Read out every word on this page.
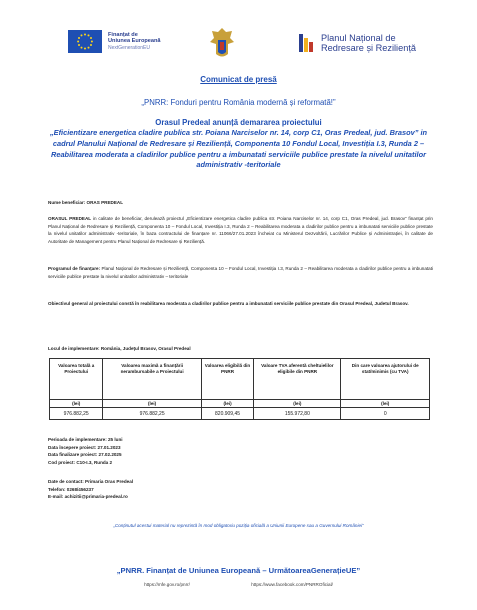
Finanțat de
Uniunea Europeană
NextGenerationEU
Planul Național de
Redresare și Reziliență
Comunicat de presă
„PNRR: Fonduri pentru România modernă și reformată!”
Orasul Predeal anunță demararea proiectului
„Eficientizare energetica cladire publica str. Poiana Narciselor nr. 14, corp C1, Oras Predeal, jud. Brasov” in cadrul Planului Național de Redresare și Reziliență, Componenta 10 Fondul Local, Investiția I.3, Runda 2 – Reabilitarea moderata a cladirilor publice pentru a imbunatati serviciile publice prestate la nivelul unitatilor administrativ -teritoriale
Nume beneficiar: ORAS PREDEAL
ORASUL PREDEAL in calitate de beneficiar, derulează proiectul „Eficientizare energetica cladire publica str. Poiana Narciselor nr. 14, corp C1, Oras Predeal, jud. Brasov” finanțat prin Planul Național de Redresare și Reziliență, Componenta 10 – Fondul Local, Investiția I.3, Runda 2 – Reabilitarea moderata a cladirilor publice pentru a imbunatati serviciile publice prestate la nivelul unitatilor administrativ -teritoriale, în baza contractului de finanțare nr. 11066/27.01.2023 încheiat cu Ministerul Dezvoltării, Lucrărilor Publice și Administrației, în calitate de Autoritate de Management pentru Planul Național de Redresare și Reziliență.
Programul de finanțare: Planul Național de Redresare și Reziliență, Componenta 10 – Fondul Local, Investiția I.3, Runda 2 – Reabilitarea moderata a cladirilor publice pentru a imbunatati serviciile publice prestate la nivelul unitatilor administrativ – teritoriale
Obiectivul general al proiectului constă în reabilitarea moderata a cladirilor publice pentru a imbunatati serviciile publice prestate din Orasul Predeal, Judetul Brasov.
Locul de implementare: România, Judeţul Brasov, Orasul Predeal
Valoarea totală a Proiectului	Valoarea maximă a finanțării nerambursabile a Proiectului	Valoarea eligibilă din PNRR	Valoare TVA aferentă cheltuielilor eligibile din PNRR	Din care valoarea ajutorului de stat/minimis (cu TVA)
(lei)	(lei)	(lei)	(lei)	(lei)
976.882,25	976.882,25	820.909,45	155.972,80	0
Perioada de implementare: 25 luni
Data începere proiect: 27.01.2023
Data finalizare proiect: 27.02.2025
Cod proiect: C10-I.3, Runda 2
Date de contact: Primaria Oras Predeal
Telefon: 0268/456237
E-mail: achizitii@primaria-predeal.ro
„Conținutul acestui material nu reprezintă în mod obligatoriu poziția oficială a Uniunii Europene sau a Guvernului României”
„PNRR. Finanțat de Uniunea Europeană – UrmătoareaGenerațieUE”
https://mfe.gov.ro/pnrr/	https://www.facebook.com/PNRROficial/
